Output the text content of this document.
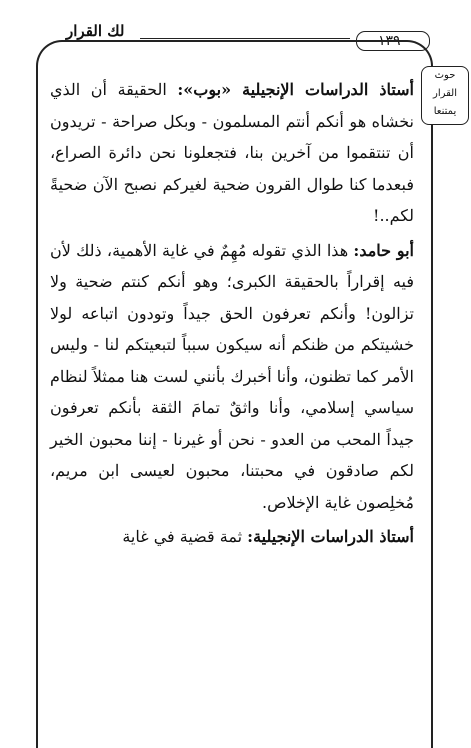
لك القرار
١٣٩٠
حوث
القرار
يمتنعا

أستاذ الدراسات الإنجيلية «بوب»: الحقيقة أن الذي نخشاه هو أنكم أنتم المسلمون - وبكل صراحة - تريدون أن تنتقموا من آخرين بنا، فتجعلونا نحن دائرة الصراع، فبعدما كنا طوال القرون ضحية لغيركم نصبح الآن ضحيةً لكم..!

أبو حامد: هذا الذي تقوله مُهِمٌ في غاية الأهمية، ذلك لأن فيه إقراراً بالحقيقة الكبرى؛ وهو أنكم كنتم ضحية ولا تزالون! وأنكم تعرفون الحق جيداً وتودون اتباعه لولا خشيتكم من ظنكم أنه سيكون سبباً لتبعيتكم لنا - وليس الأمر كما تظنون، وأنا أخبرك بأنني لست هنا ممثلاً لنظام سياسي إسلامي، وأنا واثقٌ تمامَ الثقة بأنكم تعرفون جيداً المحب من العدو - نحن أو غيرنا - إننا محبون الخير لكم صادقون في محبتنا، محبون لعيسى ابن مريم، مُخلِصون غاية الإخلاص.

أستاذ الدراسات الإنجيلية: ثمة قضية في غاية
